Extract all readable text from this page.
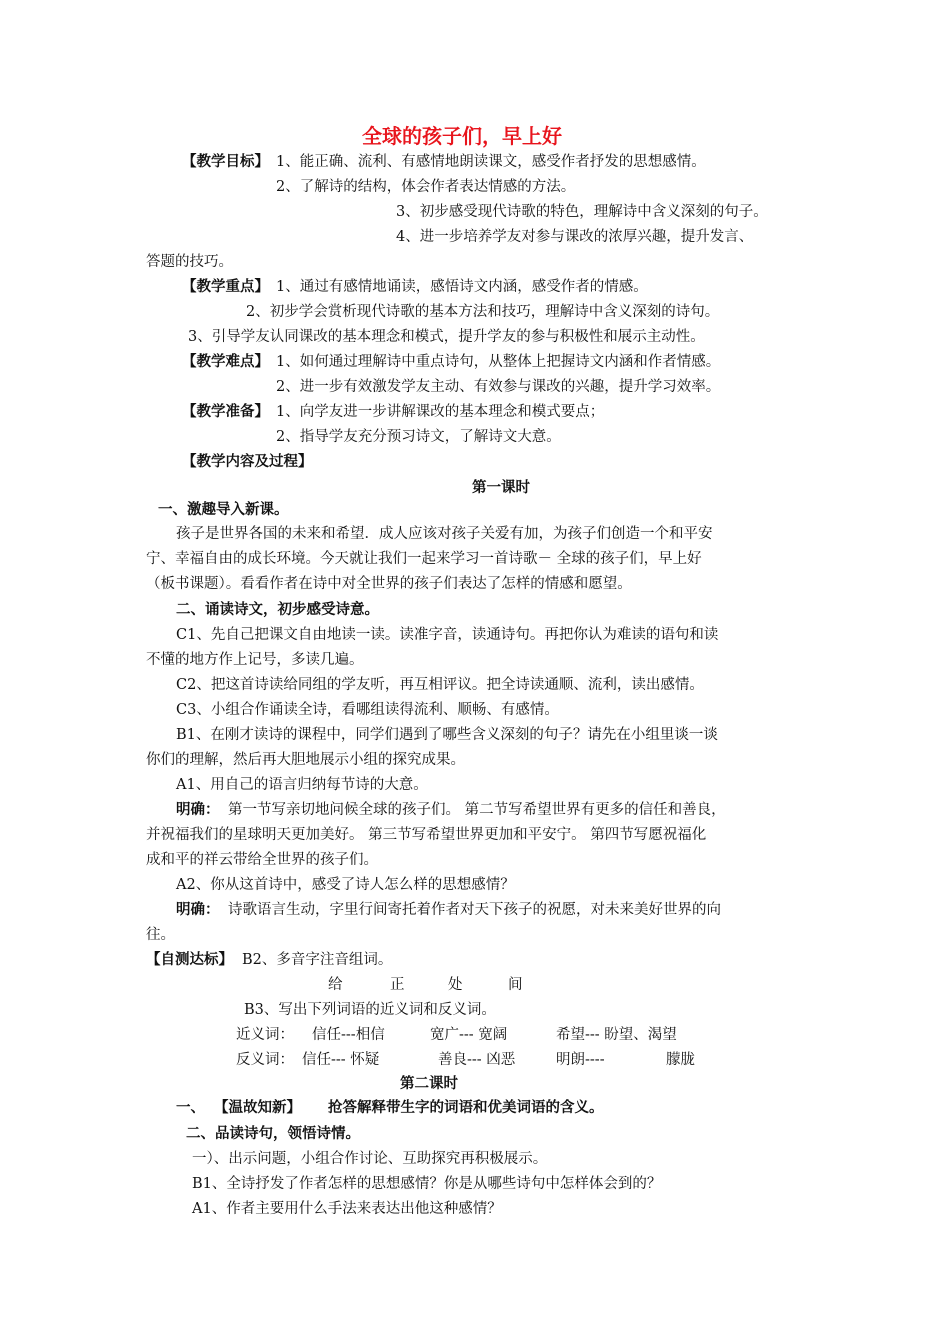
全球的孩子们，早上好
【教学目标】 1、能正确、流利、有感情地朗读课文，感受作者抒发的思想感情。
2、了解诗的结构，体会作者表达情感的方法。
3、初步感受现代诗歌的特色，理解诗中含义深刻的句子。
4、进一步培养学友对参与课改的浓厚兴趣，提升发言、
答题的技巧。
【教学重点】 1、通过有感情地诵读，感悟诗文内涵，感受作者的情感。
2、初步学会赏析现代诗歌的基本方法和技巧，理解诗中含义深刻的诗句。
3、引导学友认同课改的基本理念和模式，提升学友的参与积极性和展示主动性。
【教学难点】 1、如何通过理解诗中重点诗句，从整体上把握诗文内涵和作者情感。
2、进一步有效激发学友主动、有效参与课改的兴趣，提升学习效率。
【教学准备】 1、向学友进一步讲解课改的基本理念和模式要点；
2、指导学友充分预习诗文，了解诗文大意。
【教学内容及过程】
第一课时
一、激趣导入新课。
孩子是世界各国的未来和希望．成人应该对孩子关爱有加，为孩子们创造一个和平安
宁、幸福自由的成长环境。今天就让我们一起来学习一首诗歌－ 全球的孩子们，早上好
（板书课题）。看看作者在诗中对全世界的孩子们表达了怎样的情感和愿望。
二、诵读诗文，初步感受诗意。
C1、先自己把课文自由地读一读。读准字音，读通诗句。再把你认为难读的语句和读
不懂的地方作上记号，多读几遍。
C2、把这首诗读给同组的学友听，再互相评议。把全诗读通顺、流利，读出感情。
C3、小组合作诵读全诗，看哪组读得流利、顺畅、有感情。
B1、在刚才读诗的课程中，同学们遇到了哪些含义深刻的句子？请先在小组里谈一谈
你们的理解，然后再大胆地展示小组的探究成果。
A1、用自己的语言归纳每节诗的大意。
明确： 第一节写亲切地问候全球的孩子们。 第二节写希望世界有更多的信任和善良，
并祝福我们的星球明天更加美好。 第三节写希望世界更加和平安宁。 第四节写愿祝福化
成和平的祥云带给全世界的孩子们。
A2、你从这首诗中，感受了诗人怎么样的思想感情？
明确： 诗歌语言生动，字里行间寄托着作者对天下孩子的祝愿，对未来美好世界的向
往。
【自测达标】 B2、多音字注音组词。
给	正	处	间
B3、写出下列词语的近义词和反义词。
近义词： 信任---相信	宽广--- 宽阔	希望--- 盼望、渴望
反义词： 信任--- 怀疑	善良--- 凶恶	明朗----	朦胧
第二课时
一、 【温故知新】 抢答解释带生字的词语和优美词语的含义。
二、品读诗句，领悟诗情。
一）、出示问题，小组合作讨论、互助探究再积极展示。
B1、全诗抒发了作者怎样的思想感情？你是从哪些诗句中怎样体会到的？
A1、作者主要用什么手法来表达出他这种感情？
